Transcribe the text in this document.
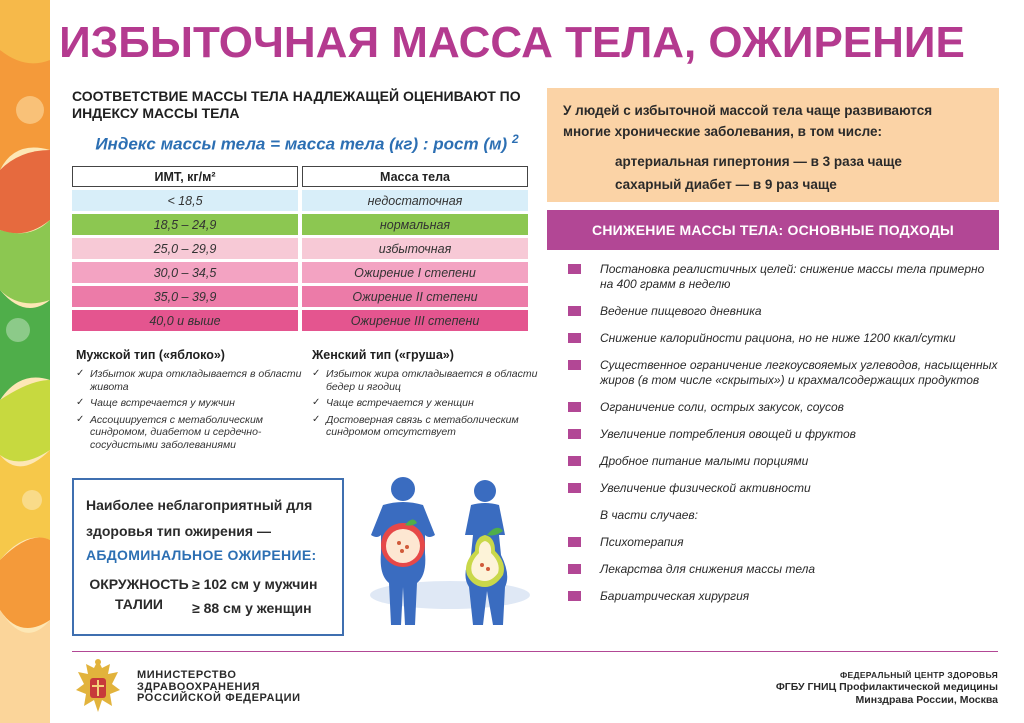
ИЗБЫТОЧНАЯ МАССА ТЕЛА, ОЖИРЕНИЕ
СООТВЕТСТВИЕ МАССЫ ТЕЛА НАДЛЕЖАЩЕЙ ОЦЕНИВАЮТ ПО ИНДЕКСУ МАССЫ ТЕЛА
Индекс массы тела = масса тела (кг) : рост (м) $^2$
ИМТ, кг/м²	Масса тела
< 18,5	недостаточная
18,5 – 24,9	нормальная
25,0 – 29,9	избыточная
30,0 – 34,5	Ожирение I степени
35,0 – 39,9	Ожирение II степени
40,0 и выше	Ожирение III степени
Мужской тип («яблоко»)
✓ Избыток жира откладывается в области живота
✓ Чаще встречается у мужчин
✓ Ассоциируется с метаболическим синдромом, диабетом и сердечно-сосудистыми заболеваниями
Женский тип («груша»)
✓ Избыток жира откладывается в области бедер и ягодиц
✓ Чаще встречается у женщин
✓ Достоверная связь с метаболическим синдромом отсутствует
Наиболее неблагоприятный для здоровья тип ожирения —
АБДОМИНАЛЬНОЕ ОЖИРЕНИЕ:
ОКРУЖНОСТЬ ТАЛИИ
≥ 102 см у мужчин
≥ 88 см у женщин
У людей с избыточной массой тела чаще развиваются многие хронические заболевания, в том числе:
артериальная гипертония — в 3 раза чаще
сахарный диабет — в 9 раз чаще
СНИЖЕНИЕ МАССЫ ТЕЛА: ОСНОВНЫЕ ПОДХОДЫ
Постановка реалистичных целей: снижение массы тела примерно на 400 грамм в неделю
Ведение пищевого дневника
Снижение калорийности рациона, но не ниже 1200 ккал/сутки
Существенное ограничение легкоусвояемых углеводов, насыщенных жиров (в том числе «скрытых») и крахмалсодержащих продуктов
Ограничение соли, острых закусок, соусов
Увеличение потребления овощей и фруктов
Дробное питание малыми порциями
Увеличение физической активности
В части случаев:
Психотерапия
Лекарства для снижения массы тела
Бариатрическая хирургия
МИНИСТЕРСТВО
ЗДРАВООХРАНЕНИЯ
РОССИЙСКОЙ ФЕДЕРАЦИИ
ФЕДЕРАЛЬНЫЙ ЦЕНТР ЗДОРОВЬЯ
ФГБУ ГНИЦ Профилактической медицины
Минздрава России, Москва
